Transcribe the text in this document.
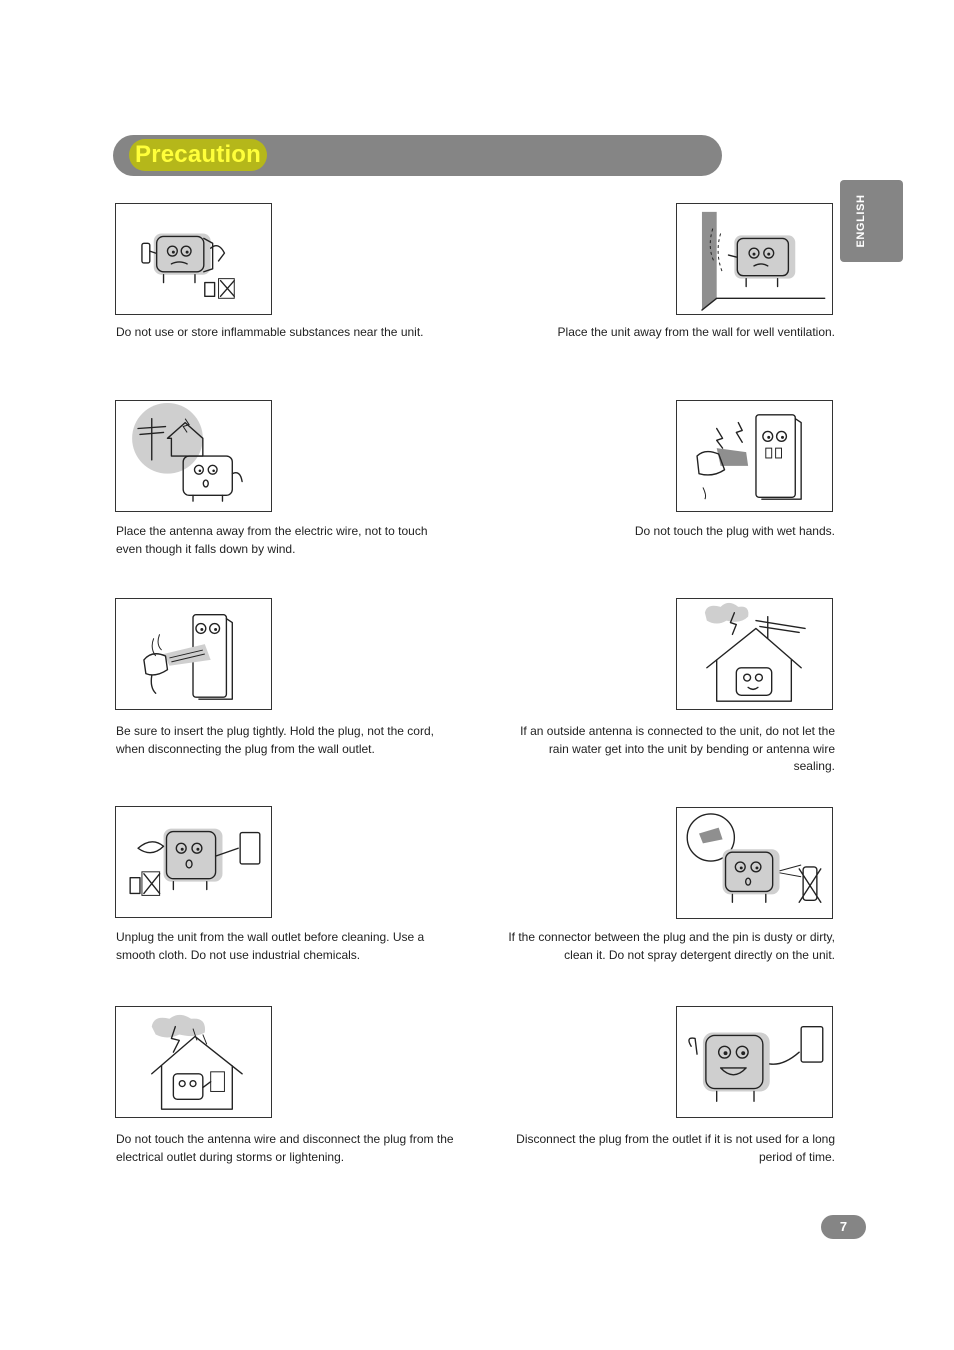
Precaution
ENGLISH
Do not use or store inflammable substances near the unit.	Place the unit away from the wall for well ventilation.
Place the antenna away from the electric wire, not to touch even though it falls down by wind.
Do not touch the plug with wet hands.
Be sure to insert the plug tightly. Hold the plug, not the cord, when disconnecting the plug from the wall outlet.
If an outside antenna is connected to the unit, do not let the rain water get into the unit by bending or antenna wire sealing.
Unplug the unit from the wall outlet before cleaning. Use a smooth cloth. Do not use industrial chemicals.
If the connector between the plug and the pin is dusty or dirty, clean it. Do not spray detergent directly on the unit.
Do not touch the antenna wire and disconnect the plug from the electrical outlet during storms or lightening.
Disconnect the plug from the outlet if it is not used for a long period of time.
7
